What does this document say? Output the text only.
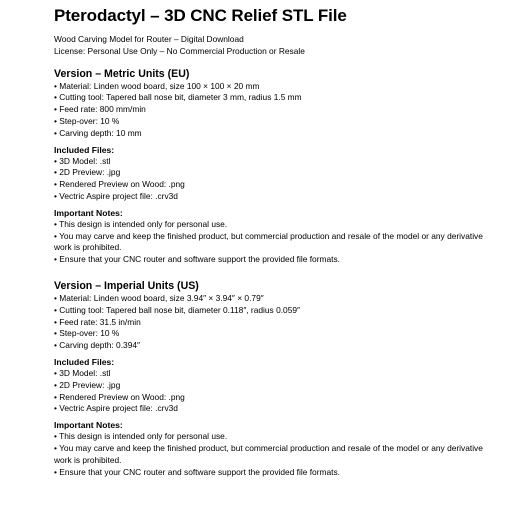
Pterodactyl – 3D CNC Relief STL File
Wood Carving Model for Router – Digital Download
License: Personal Use Only – No Commercial Production or Resale
Version – Metric Units (EU)
• Material: Linden wood board, size 100 × 100 × 20 mm
• Cutting tool: Tapered ball nose bit, diameter 3 mm, radius 1.5 mm
• Feed rate: 800 mm/min
• Step-over: 10 %
• Carving depth: 10 mm
Included Files:
• 3D Model: .stl
• 2D Preview: .jpg
• Rendered Preview on Wood: .png
• Vectric Aspire project file: .crv3d
Important Notes:
• This design is intended only for personal use.
• You may carve and keep the finished product, but commercial production and resale of the model or any derivative work is prohibited.
• Ensure that your CNC router and software support the provided file formats.
Version – Imperial Units (US)
• Material: Linden wood board, size 3.94″ × 3.94″ × 0.79″
• Cutting tool: Tapered ball nose bit, diameter 0.118″, radius 0.059″
• Feed rate: 31.5 in/min
• Step-over: 10 %
• Carving depth: 0.394″
Included Files:
• 3D Model: .stl
• 2D Preview: .jpg
• Rendered Preview on Wood: .png
• Vectric Aspire project file: .crv3d
Important Notes:
• This design is intended only for personal use.
• You may carve and keep the finished product, but commercial production and resale of the model or any derivative work is prohibited.
• Ensure that your CNC router and software support the provided file formats.
